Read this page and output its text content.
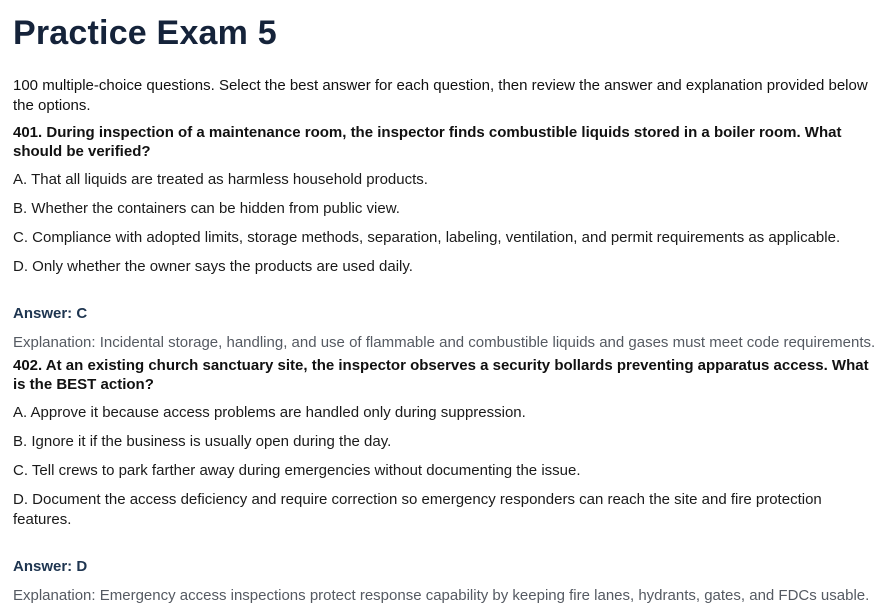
Practice Exam 5

100 multiple-choice questions. Select the best answer for each question, then review the answer and explanation provided below the options.

401. During inspection of a maintenance room, the inspector finds combustible liquids stored in a boiler room. What should be verified?

A. That all liquids are treated as harmless household products.

B. Whether the containers can be hidden from public view.

C. Compliance with adopted limits, storage methods, separation, labeling, ventilation, and permit requirements as applicable.

D. Only whether the owner says the products are used daily.

Answer: C

Explanation: Incidental storage, handling, and use of flammable and combustible liquids and gases must meet code requirements.

402. At an existing church sanctuary site, the inspector observes a security bollards preventing apparatus access. What is the BEST action?

A. Approve it because access problems are handled only during suppression.

B. Ignore it if the business is usually open during the day.

C. Tell crews to park farther away during emergencies without documenting the issue.

D. Document the access deficiency and require correction so emergency responders can reach the site and fire protection features.

Answer: D

Explanation: Emergency access inspections protect response capability by keeping fire lanes, hydrants, gates, and FDCs usable.
